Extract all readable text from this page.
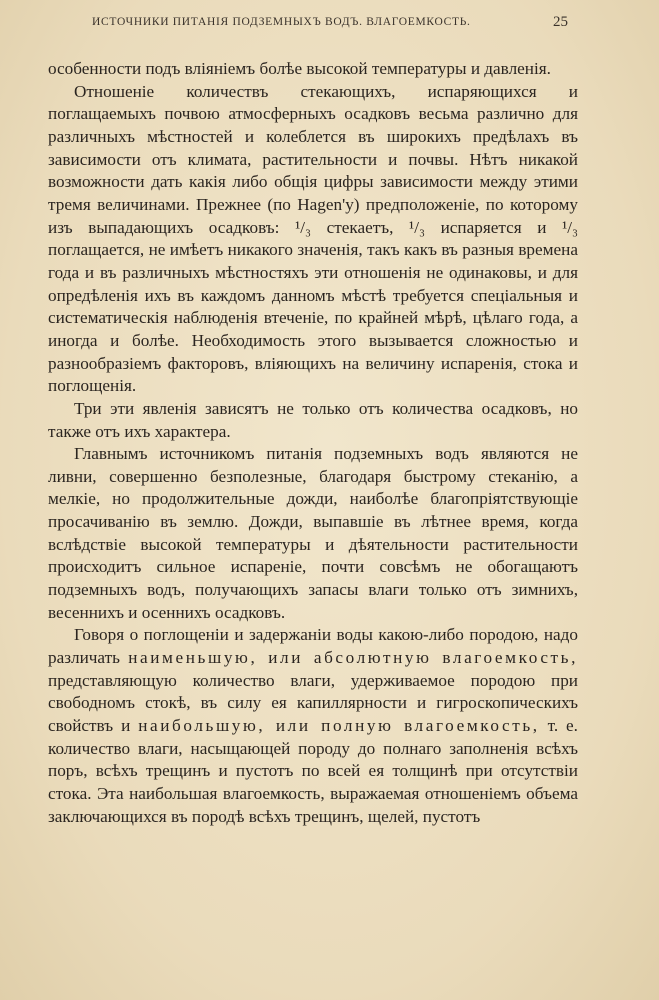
ИСТОЧНИКИ ПИТАНІЯ ПОДЗЕМНЫХЪ ВОДЪ. ВЛАГОЕМКОСТЬ.	25

особенности подъ вліяніемъ болѣе высокой температуры и давленія.

Отношеніе количествъ стекающихъ, испаряющихся и поглащаемыхъ почвою атмосферныхъ осадковъ весьма различно для различныхъ мѣстностей и колеблется въ широкихъ предѣлахъ въ зависимости отъ климата, растительности и почвы. Нѣтъ никакой возможности дать какія либо общія цифры зависимости между этими тремя величинами. Прежнее (по Hagen'у) предположеніе, по которому изъ выпадающихъ осадковъ: ¹/₃ стекаетъ, ¹/₃ испаряется и ¹/₃ поглащается, не имѣетъ никакого значенія, такъ какъ въ разныя времена года и въ различныхъ мѣстностяхъ эти отношенія не одинаковы, и для опредѣленія ихъ въ каждомъ данномъ мѣстѣ требуется спеціальныя и систематическія наблюденія втеченіе, по крайней мѣрѣ, цѣлаго года, а иногда и болѣе. Необходимость этого вызывается сложностью и разнообразіемъ факторовъ, вліяющихъ на величину испаренія, стока и поглощенія.

Три эти явленія зависятъ не только отъ количества осадковъ, но также отъ ихъ характера.

Главнымъ источникомъ питанія подземныхъ водъ являются не ливни, совершенно безполезные, благодаря быстрому стеканію, а мелкіе, но продолжительные дожди, наиболѣе благопріятствующіе просачиванію въ землю. Дожди, выпавшіе въ лѣтнее время, когда вслѣдствіе высокой температуры и дѣятельности растительности происходитъ сильное испареніе, почти совсѣмъ не обогащаютъ подземныхъ водъ, получающихъ запасы влаги только отъ зимнихъ, весеннихъ и осеннихъ осадковъ.

Говоря о поглощеніи и задержаніи воды какою-либо породою, надо различать наименьшую, или абсолютную влагоемкость, представляющую количество влаги, удерживаемое породою при свободномъ стокѣ, въ силу ея капиллярности и гигроскопическихъ свойствъ и наибольшую, или полную влагоемкость, т. е. количество влаги, насыщающей породу до полнаго заполненія всѣхъ поръ, всѣхъ трещинъ и пустотъ по всей ея толщинѣ при отсутствіи стока. Эта наибольшая влагоемкость, выражаемая отношеніемъ объема заключающихся въ породѣ всѣхъ трещинъ, щелей, пустотъ
